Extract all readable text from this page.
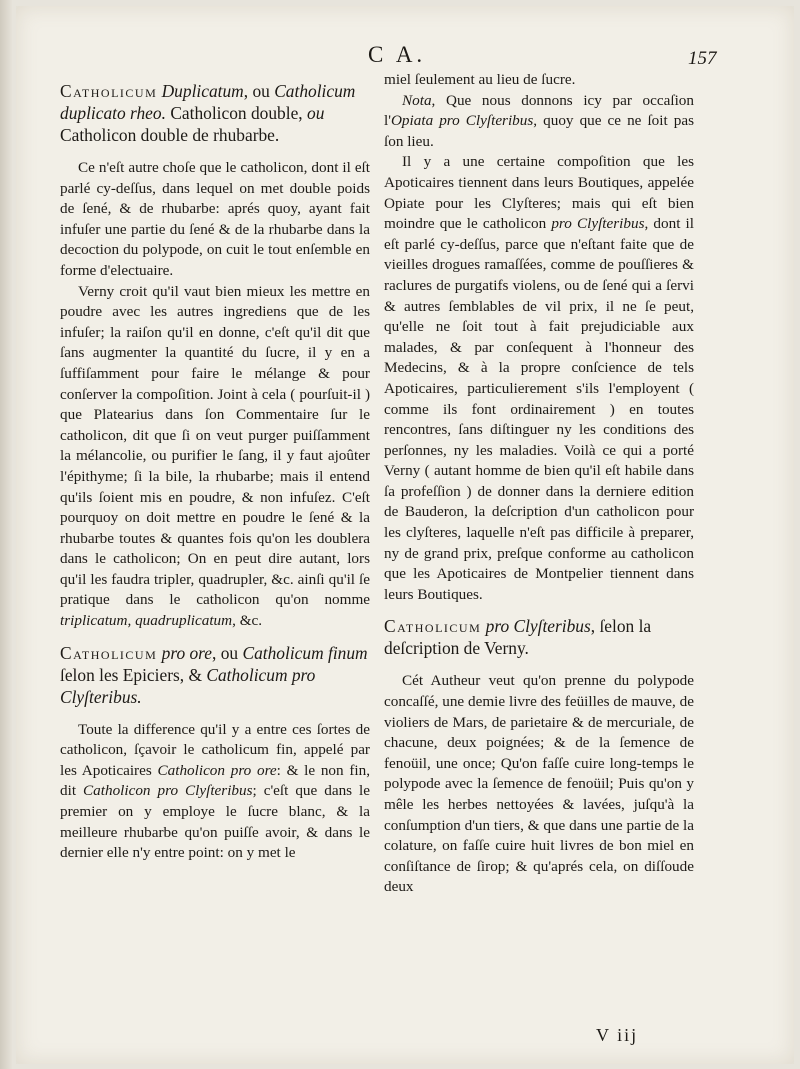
C A.	157
Catholicum Duplicatum, ou Catholicum duplicato rheo. Catholicon double, ou Catholicon double de rhubarbe.

Ce n'eſt autre choſe que le catholicon, dont il eſt parlé cy-deſſus, dans lequel on met double poids de ſené, & de rhubarbe: aprés quoy, ayant fait infuſer une partie du ſené & de la rhubarbe dans la decoction du polypode, on cuit le tout enſemble en forme d'electuaire.

Verny croit qu'il vaut bien mieux les mettre en poudre avec les autres ingrediens que de les infuſer; la raiſon qu'il en donne, c'eſt qu'il dit que ſans augmenter la quantité du ſucre, il y en a ſuffiſamment pour faire le mélange & pour conſerver la compoſition. Joint à cela ( pourſuit-il ) que Platearius dans ſon Commentaire ſur le catholicon, dit que ſi on veut purger puiſſamment la mélancolie, ou purifier le ſang, il y faut ajoûter l'épithyme; ſi la bile, la rhubarbe; mais il entend qu'ils ſoient mis en poudre, & non infuſez. C'eſt pourquoy on doit mettre en poudre le ſené & la rhubarbe toutes & quantes fois qu'on les doublera dans le catholicon; On en peut dire autant, lors qu'il les faudra tripler, quadrupler, &c. ainſi qu'il ſe pratique dans le catholicon qu'on nomme triplicatum, quadruplicatum, &c.

Catholicum pro ore, ou Catholicum finum ſelon les Epiciers, & Catholicum pro Clyſteribus.

Toute la difference qu'il y a entre ces ſortes de catholicon, ſçavoir le catholicum fin, appelé par les Apoticaires Catholicon pro ore: & le non fin, dit Catholicon pro Clyſteribus; c'eſt que dans le premier on y employe le ſucre blanc, & la meilleure rhubarbe qu'on puiſſe avoir, & dans le dernier elle n'y entre point: on y met le

miel ſeulement au lieu de ſucre.

Nota, Que nous donnons icy par occaſion l'Opiata pro Clyſteribus, quoy que ce ne ſoit pas ſon lieu.

Il y a une certaine compoſition que les Apoticaires tiennent dans leurs Boutiques, appelée Opiate pour les Clyſteres; mais qui eſt bien moindre que le catholicon pro Clyſteribus, dont il eſt parlé cy-deſſus, parce que n'eſtant faite que de vieilles drogues ramaſſées, comme de pouſſieres & raclures de purgatifs violens, ou de ſené qui a ſervi & autres ſemblables de vil prix, il ne ſe peut, qu'elle ne ſoit tout à fait prejudiciable aux malades, & par conſequent à l'honneur des Medecins, & à la propre conſcience de tels Apoticaires, particulierement s'ils l'employent ( comme ils font ordinairement ) en toutes rencontres, ſans diſtinguer ny les conditions des perſonnes, ny les maladies. Voilà ce qui a porté Verny ( autant homme de bien qu'il eſt habile dans ſa profeſſion ) de donner dans la derniere edition de Bauderon, la deſcription d'un catholicon pour les clyſteres, laquelle n'eſt pas difficile à preparer, ny de grand prix, preſque conforme au catholicon que les Apoticaires de Montpelier tiennent dans leurs Boutiques.

Catholicum pro Clyſteribus, ſelon la deſcription de Verny.

Cét Autheur veut qu'on prenne du polypode concaſſé, une demie livre des feüilles de mauve, de violiers de Mars, de parietaire & de mercuriale, de chacune, deux poignées; & de la ſemence de fenoüil, une once; Qu'on faſſe cuire long-temps le polypode avec la ſemence de fenoüil; Puis qu'on y mêle les herbes nettoyées & lavées, juſqu'à la conſumption d'un tiers, & que dans une partie de la colature, on faſſe cuire huit livres de bon miel en conſiſtance de ſirop; & qu'aprés cela, on diſſoude deux

V iij
